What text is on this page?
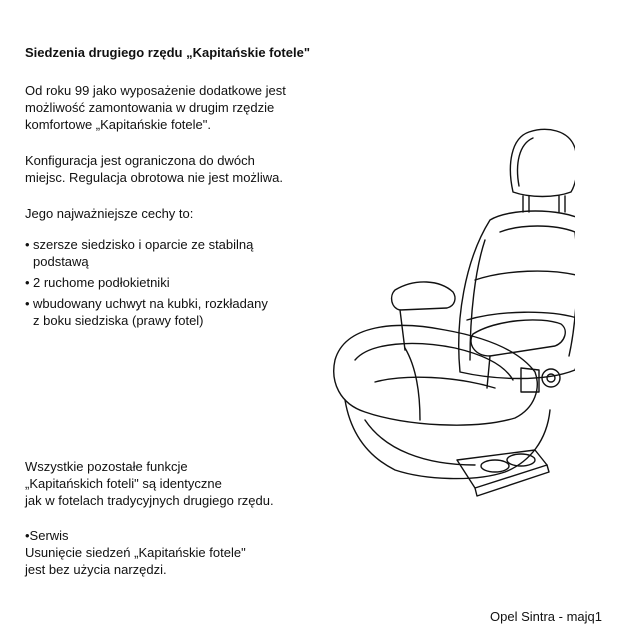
Siedzenia drugiego rzędu „Kapitańskie fotele"
Od roku 99 jako wyposażenie dodatkowe jest
możliwość zamontowania w drugim rzędzie
komfortowe „Kapitańskie fotele".
Konfiguracja jest ograniczona do dwóch
miejsc. Regulacja obrotowa nie jest możliwa.
Jego najważniejsze cechy to:
• szersze siedzisko i oparcie ze stabilną
podstawą
• 2 ruchome podłokietniki
• wbudowany uchwyt na kubki, rozkładany
z boku siedziska (prawy fotel)
Wszystkie pozostałe funkcje
„Kapitańskich foteli" są identyczne
jak w fotelach tradycyjnych drugiego rzędu.
•Serwis
Usunięcie siedzeń „Kapitańskie fotele"
jest bez użycia narzędzi.
Opel Sintra - majq1
